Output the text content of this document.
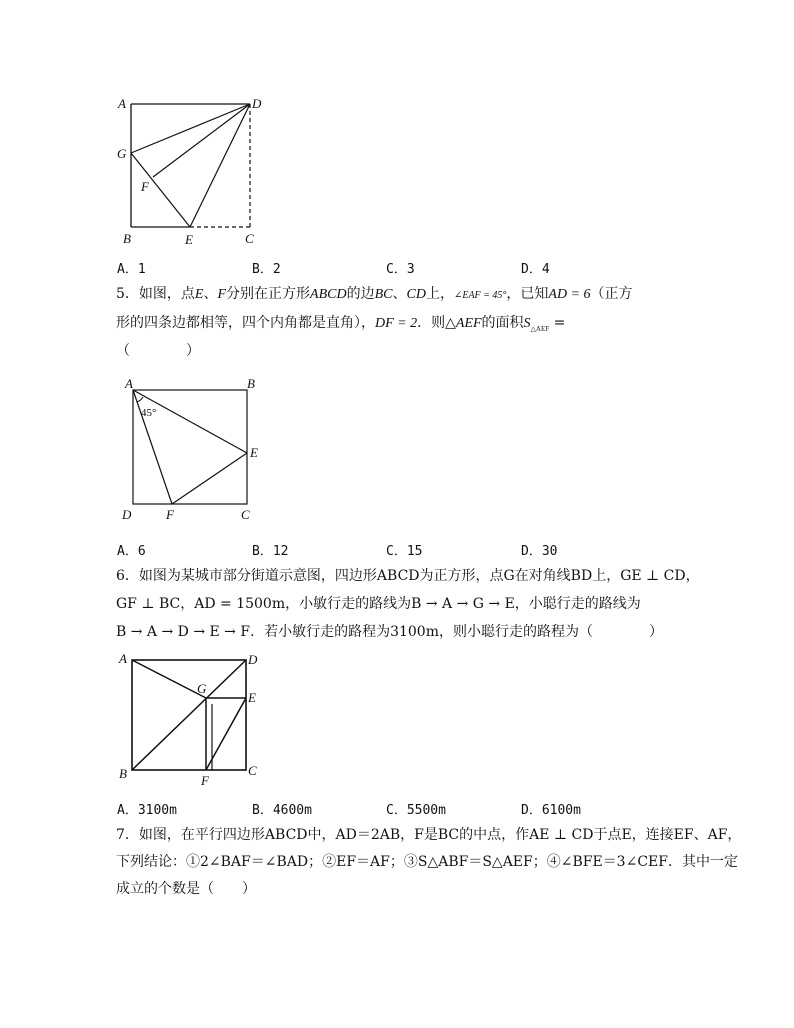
A	D
G
F
B	E	C
A．1	B．2	C．3	D．4
5．如图，点E、F分别在正方形ABCD的边BC、CD上，∠EAF = 45°，已知AD = 6（正方
形的四条边都相等，四个内角都是直角），DF = 2．则△AEF的面积$S_{\triangle AEF}$ =
（　　　　）
A	B
45°
E
D	F	C
A．6	B．12	C．15	D．30
6．如图为某城市部分街道示意图，四边形ABCD为正方形，点G在对角线BD上，GE ⊥ CD，
GF ⊥ BC，AD = 1500m，小敏行走的路线为B → A → G → E，小聪行走的路线为
B → A → D → E → F．若小敏行走的路程为3100m，则小聪行走的路程为（　　　　）
A	D
G
E
B	F
C
A．3100m	B．4600m	C．5500m	D．6100m
7．如图，在平行四边形ABCD中，AD＝2AB，F是BC的中点，作AE ⊥ CD于点E，连接EF、AF，
下列结论：①2∠BAF＝∠BAD；②EF＝AF；③S△ABF＝S△AEF；④∠BFE＝3∠CEF．其中一定
成立的个数是（　　）
